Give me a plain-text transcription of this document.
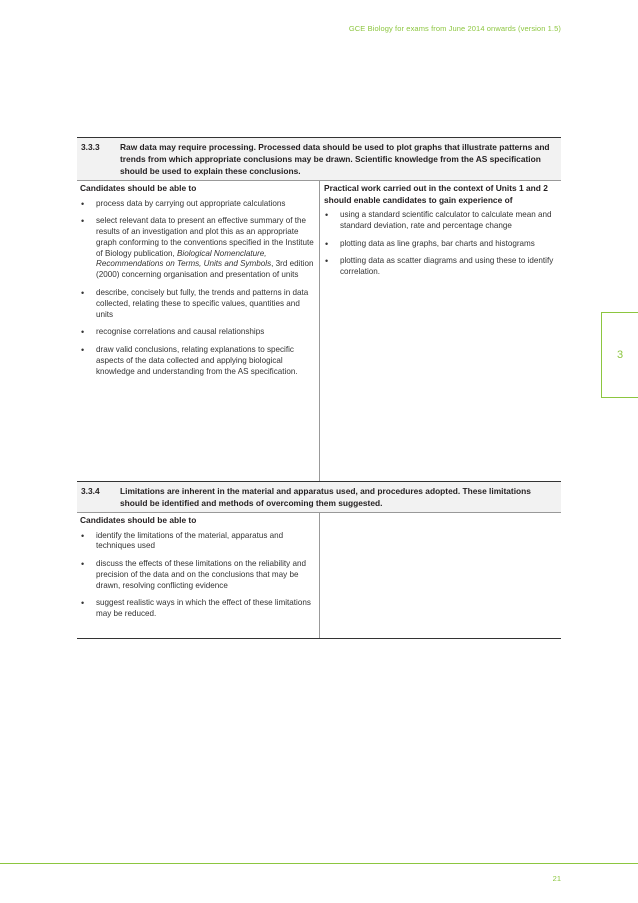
GCE Biology for exams from June 2014 onwards (version 1.5)
3.3.3	Raw data may require processing. Processed data should be used to plot graphs that illustrate patterns and trends from which appropriate conclusions may be drawn. Scientific knowledge from the AS specification should be used to explain these conclusions.
Candidates should be able to
• process data by carrying out appropriate calculations
• select relevant data to present an effective summary of the results of an investigation and plot this as an appropriate graph conforming to the conventions specified in the Institute of Biology publication, Biological Nomenclature, Recommendations on Terms, Units and Symbols, 3rd edition (2000) concerning organisation and presentation of units
• describe, concisely but fully, the trends and patterns in data collected, relating these to specific values, quantities and units
• recognise correlations and causal relationships
• draw valid conclusions, relating explanations to specific aspects of the data collected and applying biological knowledge and understanding from the AS specification.
Practical work carried out in the context of Units 1 and 2 should enable candidates to gain experience of
• using a standard scientific calculator to calculate mean and standard deviation, rate and percentage change
• plotting data as line graphs, bar charts and histograms
• plotting data as scatter diagrams and using these to identify correlation.
3.3.4	Limitations are inherent in the material and apparatus used, and procedures adopted. These limitations should be identified and methods of overcoming them suggested.
Candidates should be able to
• identify the limitations of the material, apparatus and techniques used
• discuss the effects of these limitations on the reliability and precision of the data and on the conclusions that may be drawn, resolving conflicting evidence
• suggest realistic ways in which the effect of these limitations may be reduced.
3
21
